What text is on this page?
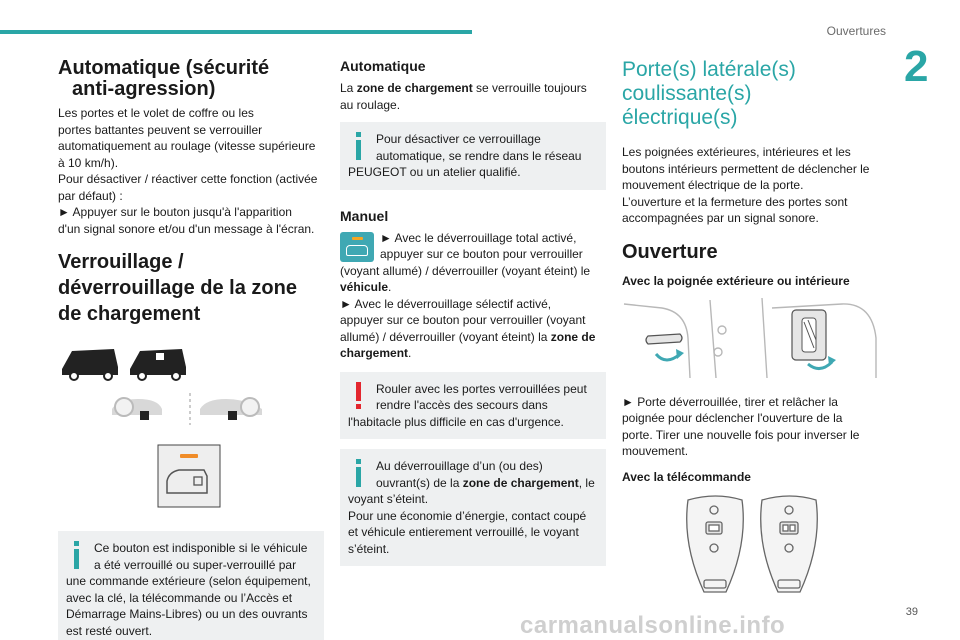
Ouvertures
2
39
carmanualsonline.info
Automatique (sécurité
anti-agression)

Les portes et le volet de coffre ou les
portes battantes peuvent se verrouiller
automatiquement au roulage (vitesse supérieure
à 10 km/h).
Pour désactiver / réactiver cette fonction (activée
par défaut) :
► Appuyer sur le bouton jusqu'à l'apparition
d'un signal sonore et/ou d'un message à l'écran.

Verrouillage / déverrouillage de la zone de chargement
Ce bouton est indisponible si le véhicule
a été verrouillé ou super-verrouillé par
une commande extérieure (selon équipement,
avec la clé, la télécommande ou l’Accès et
Démarrage Mains-Libres) ou un des ouvrants
est resté ouvert.
Automatique

La zone de chargement se verrouille toujours
au roulage.

Pour désactiver ce verrouillage
automatique, se rendre dans le réseau
PEUGEOT ou un atelier qualifié.
Manuel

► Avec le déverrouillage total activé,
appuyer sur ce bouton pour verrouiller
(voyant allumé) / déverrouiller (voyant éteint) le
véhicule.
► Avec le déverrouillage sélectif activé,
appuyer sur ce bouton pour verrouiller (voyant
allumé) / déverrouiller (voyant éteint) la zone de
chargement.

Rouler avec les portes verrouillées peut
rendre l'accès des secours dans
l'habitacle plus difficile en cas d'urgence.
Au déverrouillage d’un (ou des)
ouvrant(s) de la zone de chargement, le
voyant s’éteint.
Pour une économie d’énergie, contact coupé
et véhicule entierement verrouillé, le voyant
s’éteint.
Porte(s) latérale(s)
coulissante(s)
électrique(s)

Les poignées extérieures, intérieures et les
boutons intérieurs permettent de déclencher le
mouvement électrique de la porte.
L’ouverture et la fermeture des portes sont
accompagnées par un signal sonore.

Ouverture
Avec la poignée extérieure ou intérieure

► Porte déverrouillée, tirer et relâcher la
poignée pour déclencher l'ouverture de la
porte. Tirer une nouvelle fois pour inverser le
mouvement.

Avec la télécommande
